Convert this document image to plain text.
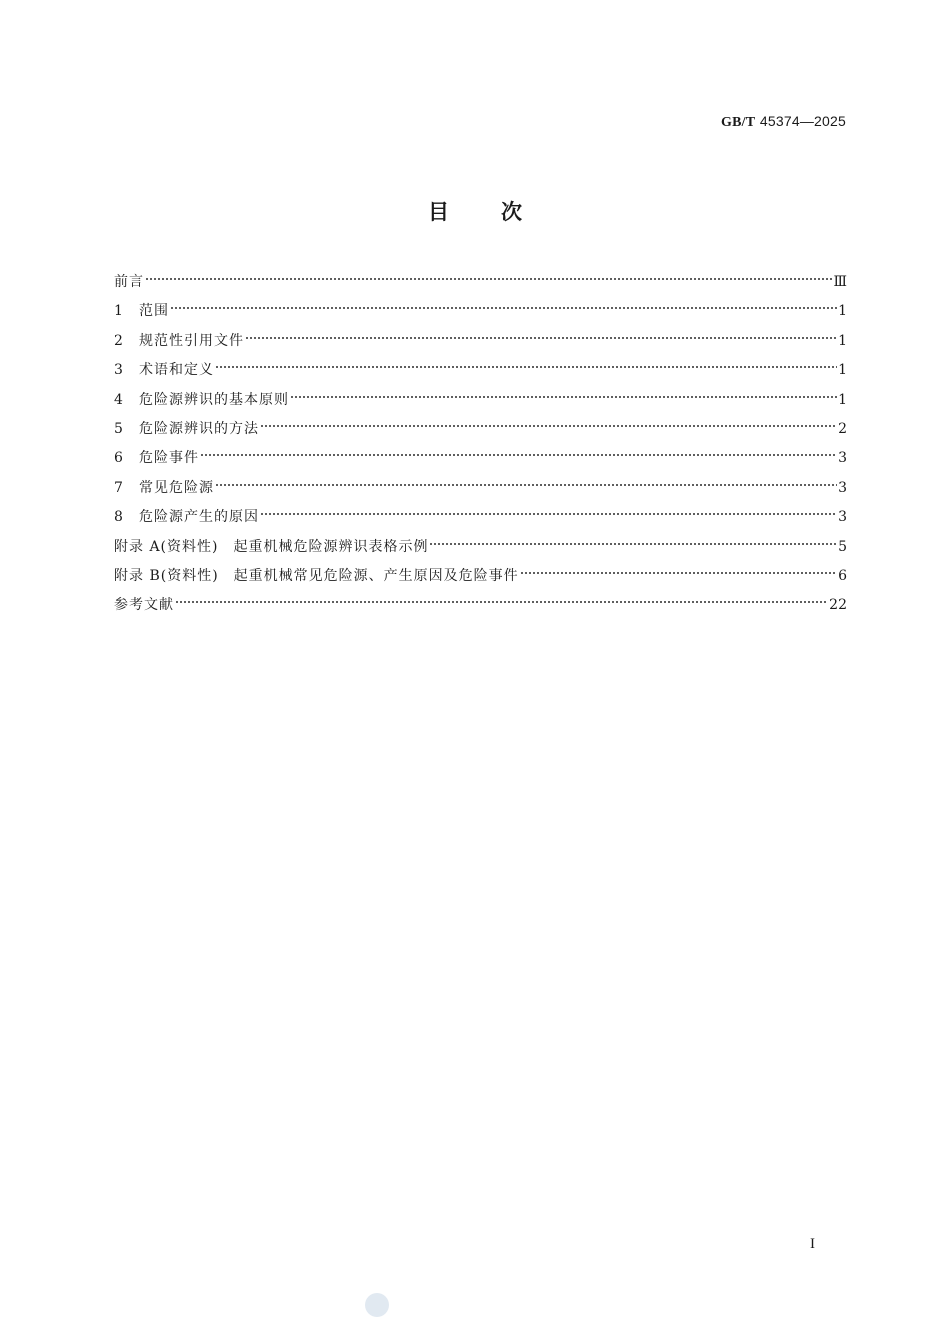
GB/T 45374—2025
目次
前言	Ⅲ
1	范围	1
2	规范性引用文件	1
3	术语和定义	1
4	危险源辨识的基本原则	1
5	危险源辨识的方法	2
6	危险事件	3
7	常见危险源	3
8	危险源产生的原因	3
附录 A(资料性)　起重机械危险源辨识表格示例	5
附录 B(资料性)　起重机械常见危险源、产生原因及危险事件	6
参考文献	22
I
